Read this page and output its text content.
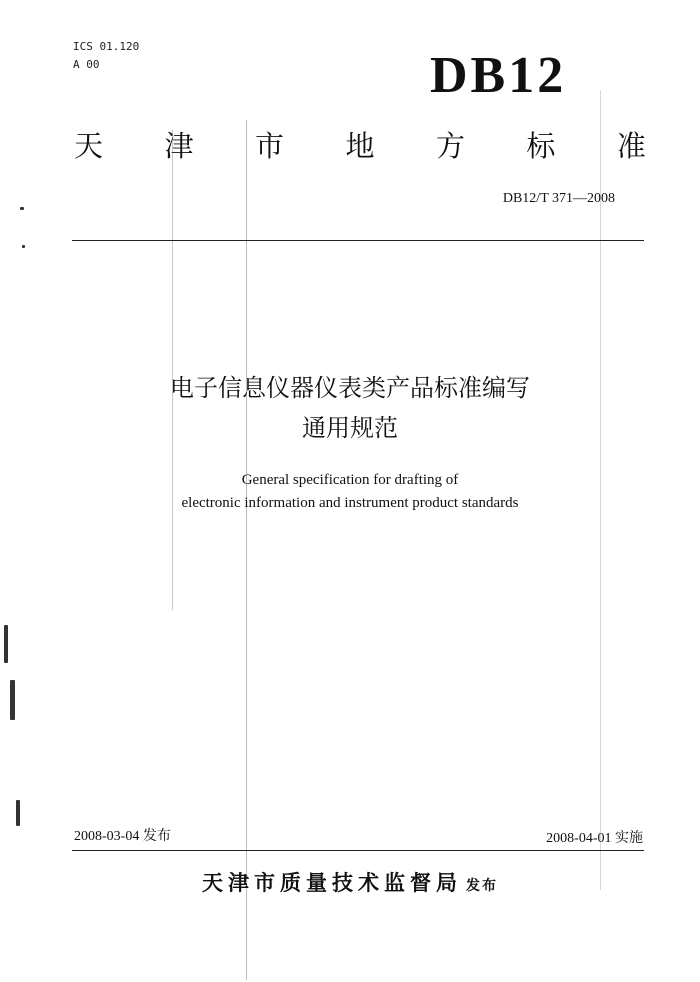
ICS 01.120
A 00	DB12
天 津 市 地 方 标 准
DB12/T 371—2008
电子信息仪器仪表类产品标准编写
通用规范
General specification for drafting of
electronic information and instrument product standards
2008-03-04 发布	2008-04-01 实施
天津市质量技术监督局 发布
